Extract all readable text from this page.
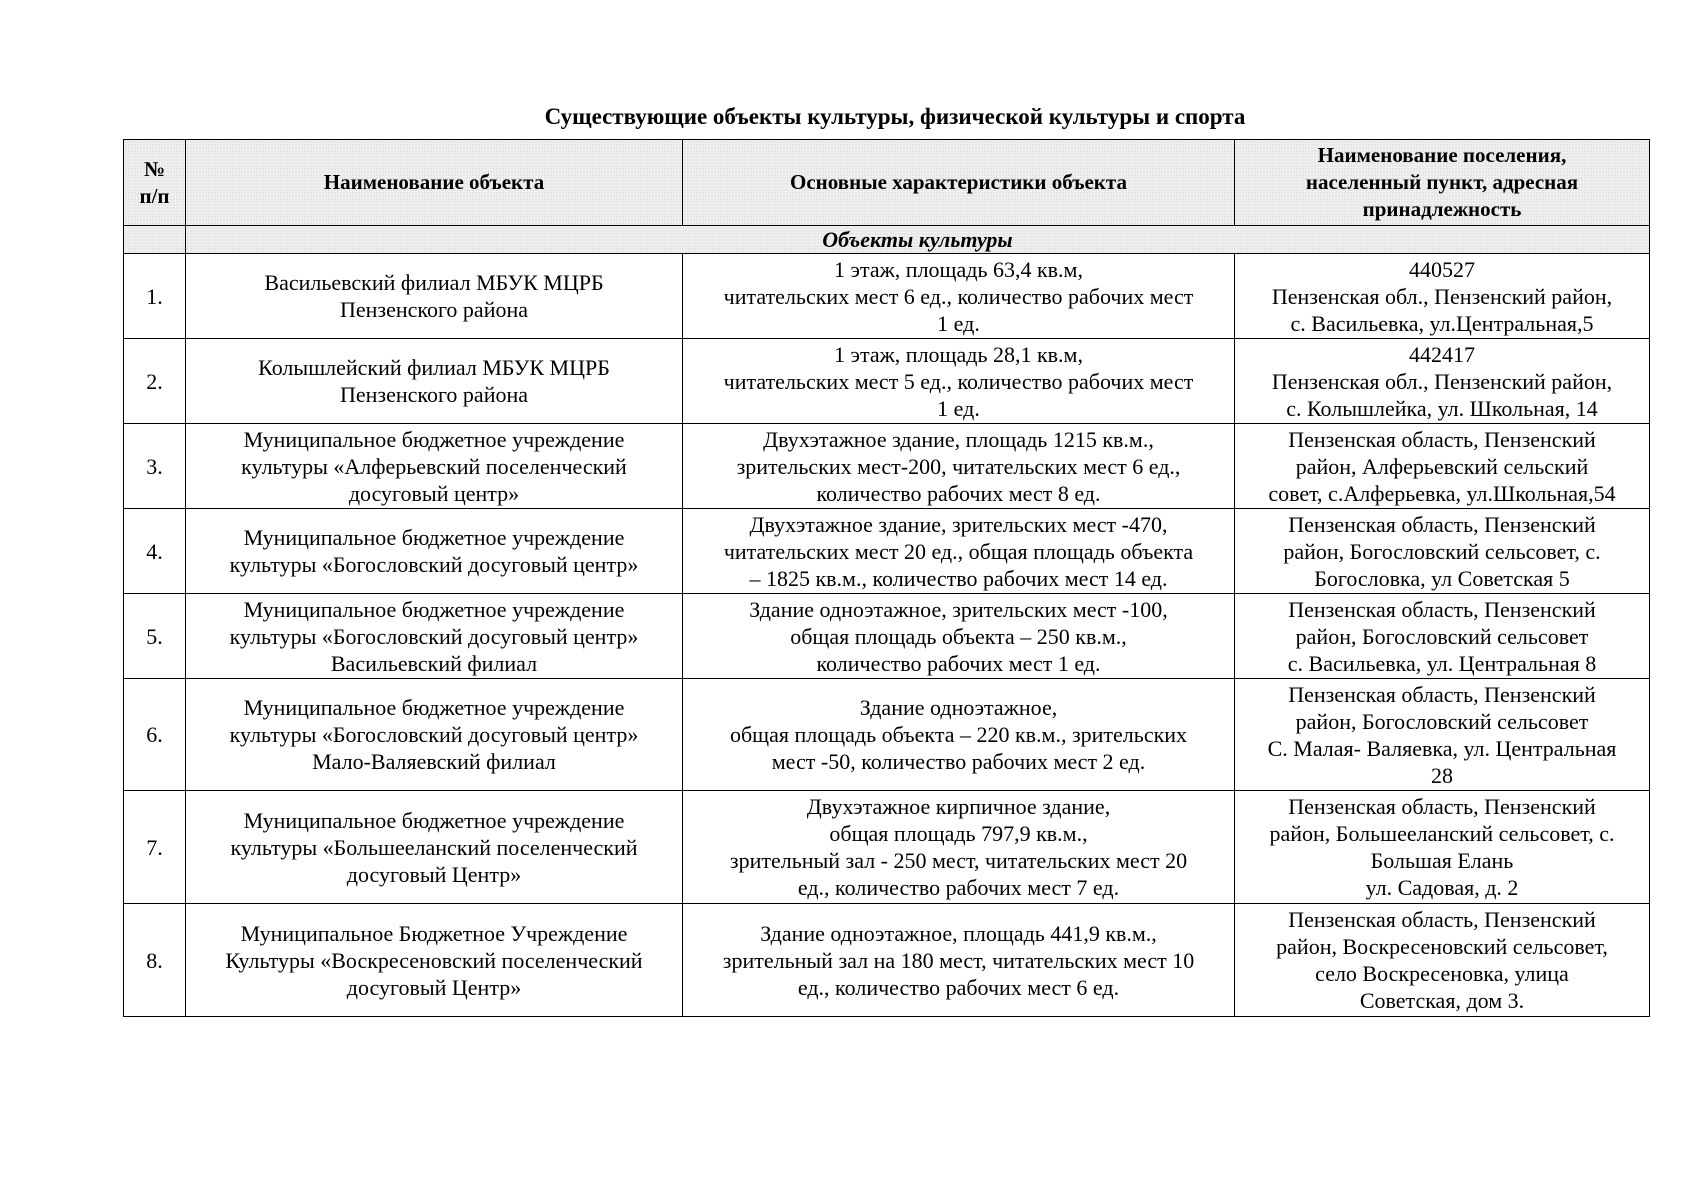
Существующие объекты культуры, физической культуры и спорта
№
п/п	Наименование объекта	Основные характеристики объекта	Наименование поселения,
населенный пункт, адресная
принадлежность

	Объекты культуры		
1.	Васильевский филиал МБУК МЦРБ
Пензенского района	1 этаж, площадь 63,4 кв.м,
читательских мест 6 ед., количество рабочих мест
1 ед.	440527
Пензенская обл., Пензенский район,
с. Васильевка, ул.Центральная,5

2.	Колышлейский филиал МБУК МЦРБ
Пензенского района	1 этаж, площадь 28,1 кв.м,
читательских мест 5 ед., количество рабочих мест
1 ед.	442417
Пензенская обл., Пензенский район,
с. Колышлейка, ул. Школьная, 14

3.	Муниципальное бюджетное учреждение
культуры «Алферьевский поселенческий
досуговый центр»	Двухэтажное здание, площадь 1215 кв.м.,
зрительских мест-200, читательских мест 6 ед.,
количество рабочих мест 8 ед.	Пензенская область, Пензенский
район, Алферьевский сельский
совет, с.Алферьевка, ул.Школьная,54

4.	Муниципальное бюджетное учреждение
культуры «Богословский досуговый центр»	Двухэтажное здание, зрительских мест -470,
читательских мест 20 ед., общая площадь объекта
– 1825 кв.м., количество рабочих мест 14 ед.	Пензенская область, Пензенский
район, Богословский сельсовет, с.
Богословка, ул Советская 5

5.	Муниципальное бюджетное учреждение
культуры «Богословский досуговый центр»
Васильевский филиал	Здание одноэтажное, зрительских мест -100,
общая площадь объекта – 250 кв.м.,
количество рабочих мест 1 ед.	Пензенская область, Пензенский
район, Богословский сельсовет
с. Васильевка, ул. Центральная 8

6.	Муниципальное бюджетное учреждение
культуры «Богословский досуговый центр»
Мало-Валяевский филиал	Здание одноэтажное,
общая площадь объекта – 220 кв.м., зрительских
мест -50, количество рабочих мест 2 ед.	Пензенская область, Пензенский
район, Богословский сельсовет
С. Малая- Валяевка, ул. Центральная
28

7.	Муниципальное бюджетное учреждение
культуры «Большееланский поселенческий
досуговый Центр»	Двухэтажное кирпичное здание,
общая площадь 797,9 кв.м.,
зрительный зал - 250 мест, читательских мест 20
ед., количество рабочих мест 7 ед.	Пензенская область, Пензенский
район, Большееланский сельсовет, с.
Большая Елань
ул. Садовая, д. 2

8.	Муниципальное Бюджетное Учреждение
Культуры «Воскресеновский поселенческий
досуговый Центр»	Здание одноэтажное, площадь 441,9 кв.м.,
зрительный зал на 180 мест, читательских мест 10
ед., количество рабочих мест 6 ед.	Пензенская область, Пензенский
район, Воскресеновский сельсовет,
село Воскресеновка, улица
Советская, дом 3.
